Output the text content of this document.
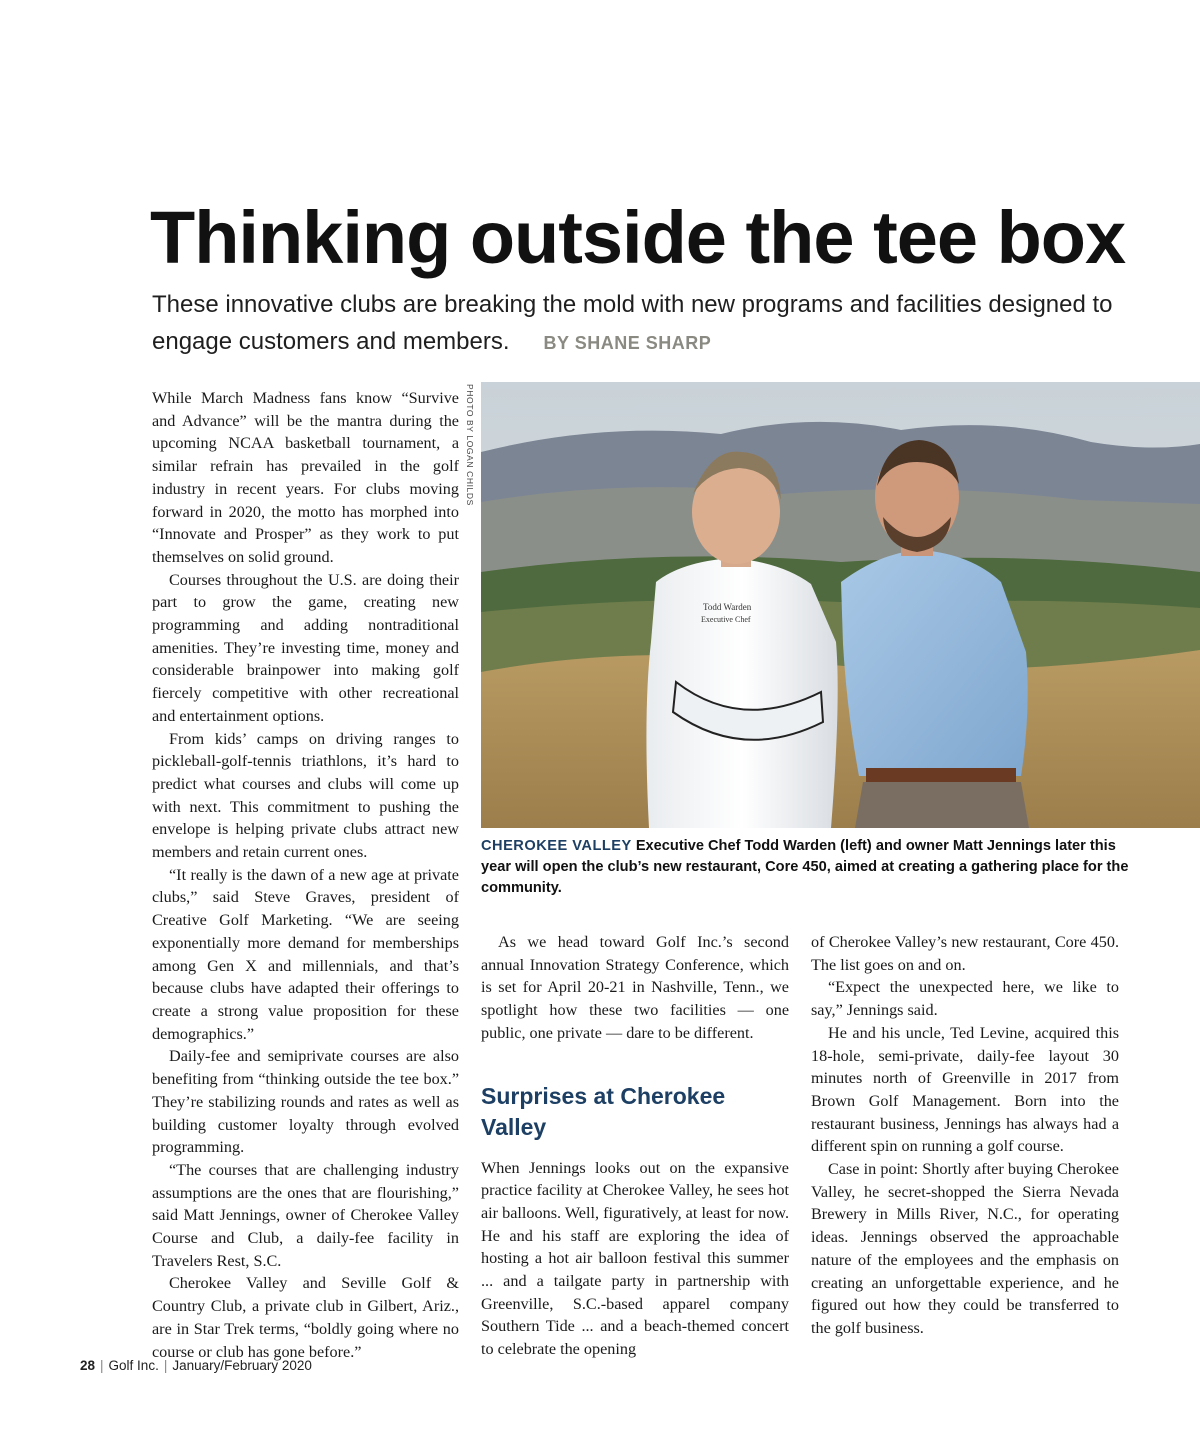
Thinking outside the tee box
These innovative clubs are breaking the mold with new programs and facilities designed to engage customers and members. BY SHANE SHARP

While March Madness fans know “Survive and Advance” will be the mantra during the upcoming NCAA basketball tournament, a similar refrain has prevailed in the golf industry in recent years. For clubs moving forward in 2020, the motto has morphed into “Innovate and Prosper” as they work to put themselves on solid ground.

Courses throughout the U.S. are doing their part to grow the game, creating new programming and adding nontraditional amenities. They’re investing time, money and considerable brainpower into making golf fiercely competitive with other recreational and entertainment options.

From kids’ camps on driving ranges to pickleball-golf-tennis triathlons, it’s hard to predict what courses and clubs will come up with next. This commitment to pushing the envelope is helping private clubs attract new members and retain current ones.

“It really is the dawn of a new age at private clubs,” said Steve Graves, president of Creative Golf Marketing. “We are seeing exponentially more demand for memberships among Gen X and millennials, and that’s because clubs have adapted their offerings to create a strong value proposition for these demographics.”

Daily-fee and semiprivate courses are also benefiting from “thinking outside the tee box.” They’re stabilizing rounds and rates as well as building customer loyalty through evolved programming.

“The courses that are challenging industry assumptions are the ones that are flourishing,” said Matt Jennings, owner of Cherokee Valley Course and Club, a daily-fee facility in Travelers Rest, S.C.

Cherokee Valley and Seville Golf & Country Club, a private club in Gilbert, Ariz., are in Star Trek terms, “boldly going where no course or club has gone before.”

PHOTO BY LOGAN CHILDS
Todd Warden
Executive Chef
CHEROKEE VALLEY Executive Chef Todd Warden (left) and owner Matt Jennings later this year will open the club’s new restaurant, Core 450, aimed at creating a gathering place for the community.

As we head toward Golf Inc.’s second annual Innovation Strategy Conference, which is set for April 20-21 in Nashville, Tenn., we spotlight how these two facilities — one public, one private — dare to be different.

Surprises at Cherokee Valley

When Jennings looks out on the expansive practice facility at Cherokee Valley, he sees hot air balloons. Well, figuratively, at least for now. He and his staff are exploring the idea of hosting a hot air balloon festival this summer ... and a tailgate party in partnership with Greenville, S.C.-based apparel company Southern Tide ... and a beach-themed concert to celebrate the opening

of Cherokee Valley’s new restaurant, Core 450. The list goes on and on.

“Expect the unexpected here, we like to say,” Jennings said.

He and his uncle, Ted Levine, acquired this 18-hole, semi-private, daily-fee layout 30 minutes north of Greenville in 2017 from Brown Golf Management. Born into the restaurant business, Jennings has always had a different spin on running a golf course.

Case in point: Shortly after buying Cherokee Valley, he secret-shopped the Sierra Nevada Brewery in Mills River, N.C., for operating ideas. Jennings observed the approachable nature of the employees and the emphasis on creating an unforgettable experience, and he figured out how they could be transferred to the golf business.

28 | Golf Inc. | January/February 2020
